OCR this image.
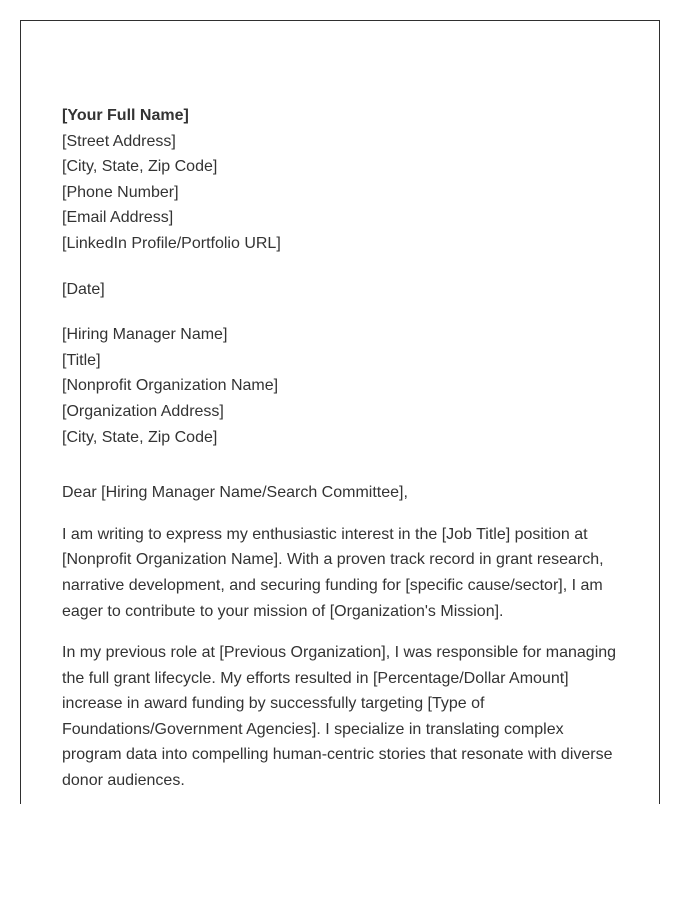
[Your Full Name]
[Street Address]
[City, State, Zip Code]
[Phone Number]
[Email Address]
[LinkedIn Profile/Portfolio URL]
[Date]
[Hiring Manager Name]
[Title]
[Nonprofit Organization Name]
[Organization Address]
[City, State, Zip Code]

Dear [Hiring Manager Name/Search Committee],

I am writing to express my enthusiastic interest in the [Job Title] position at [Nonprofit Organization Name]. With a proven track record in grant research, narrative development, and securing funding for [specific cause/sector], I am eager to contribute to your mission of [Organization's Mission].

In my previous role at [Previous Organization], I was responsible for managing the full grant lifecycle. My efforts resulted in [Percentage/Dollar Amount] increase in award funding by successfully targeting [Type of Foundations/Government Agencies]. I specialize in translating complex program data into compelling human-centric stories that resonate with diverse donor audiences.
